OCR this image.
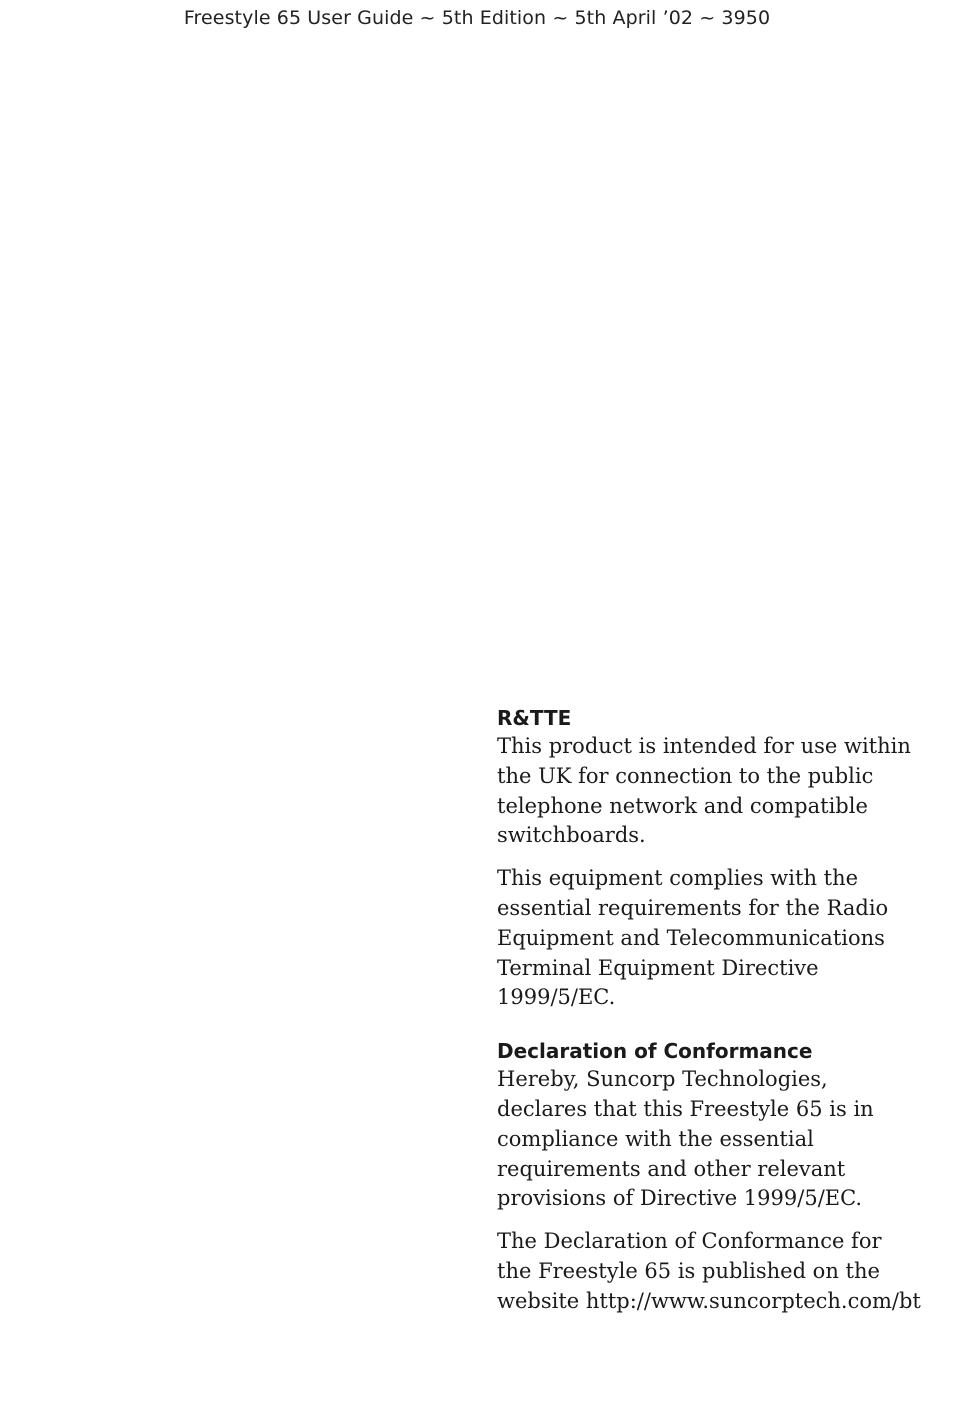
Freestyle 65 User Guide ~ 5th Edition ~ 5th April ’02 ~ 3950
R&TTE

This product is intended for use within
the UK for connection to the public
telephone network and compatible
switchboards.

This equipment complies with the
essential requirements for the Radio
Equipment and Telecommunications
Terminal Equipment Directive
1999/5/EC.

Declaration of Conformance

Hereby, Suncorp Technologies,
declares that this Freestyle 65 is in
compliance with the essential
requirements and other relevant
provisions of Directive 1999/5/EC.

The Declaration of Conformance for
the Freestyle 65 is published on the
website http://www.suncorptech.com/bt
